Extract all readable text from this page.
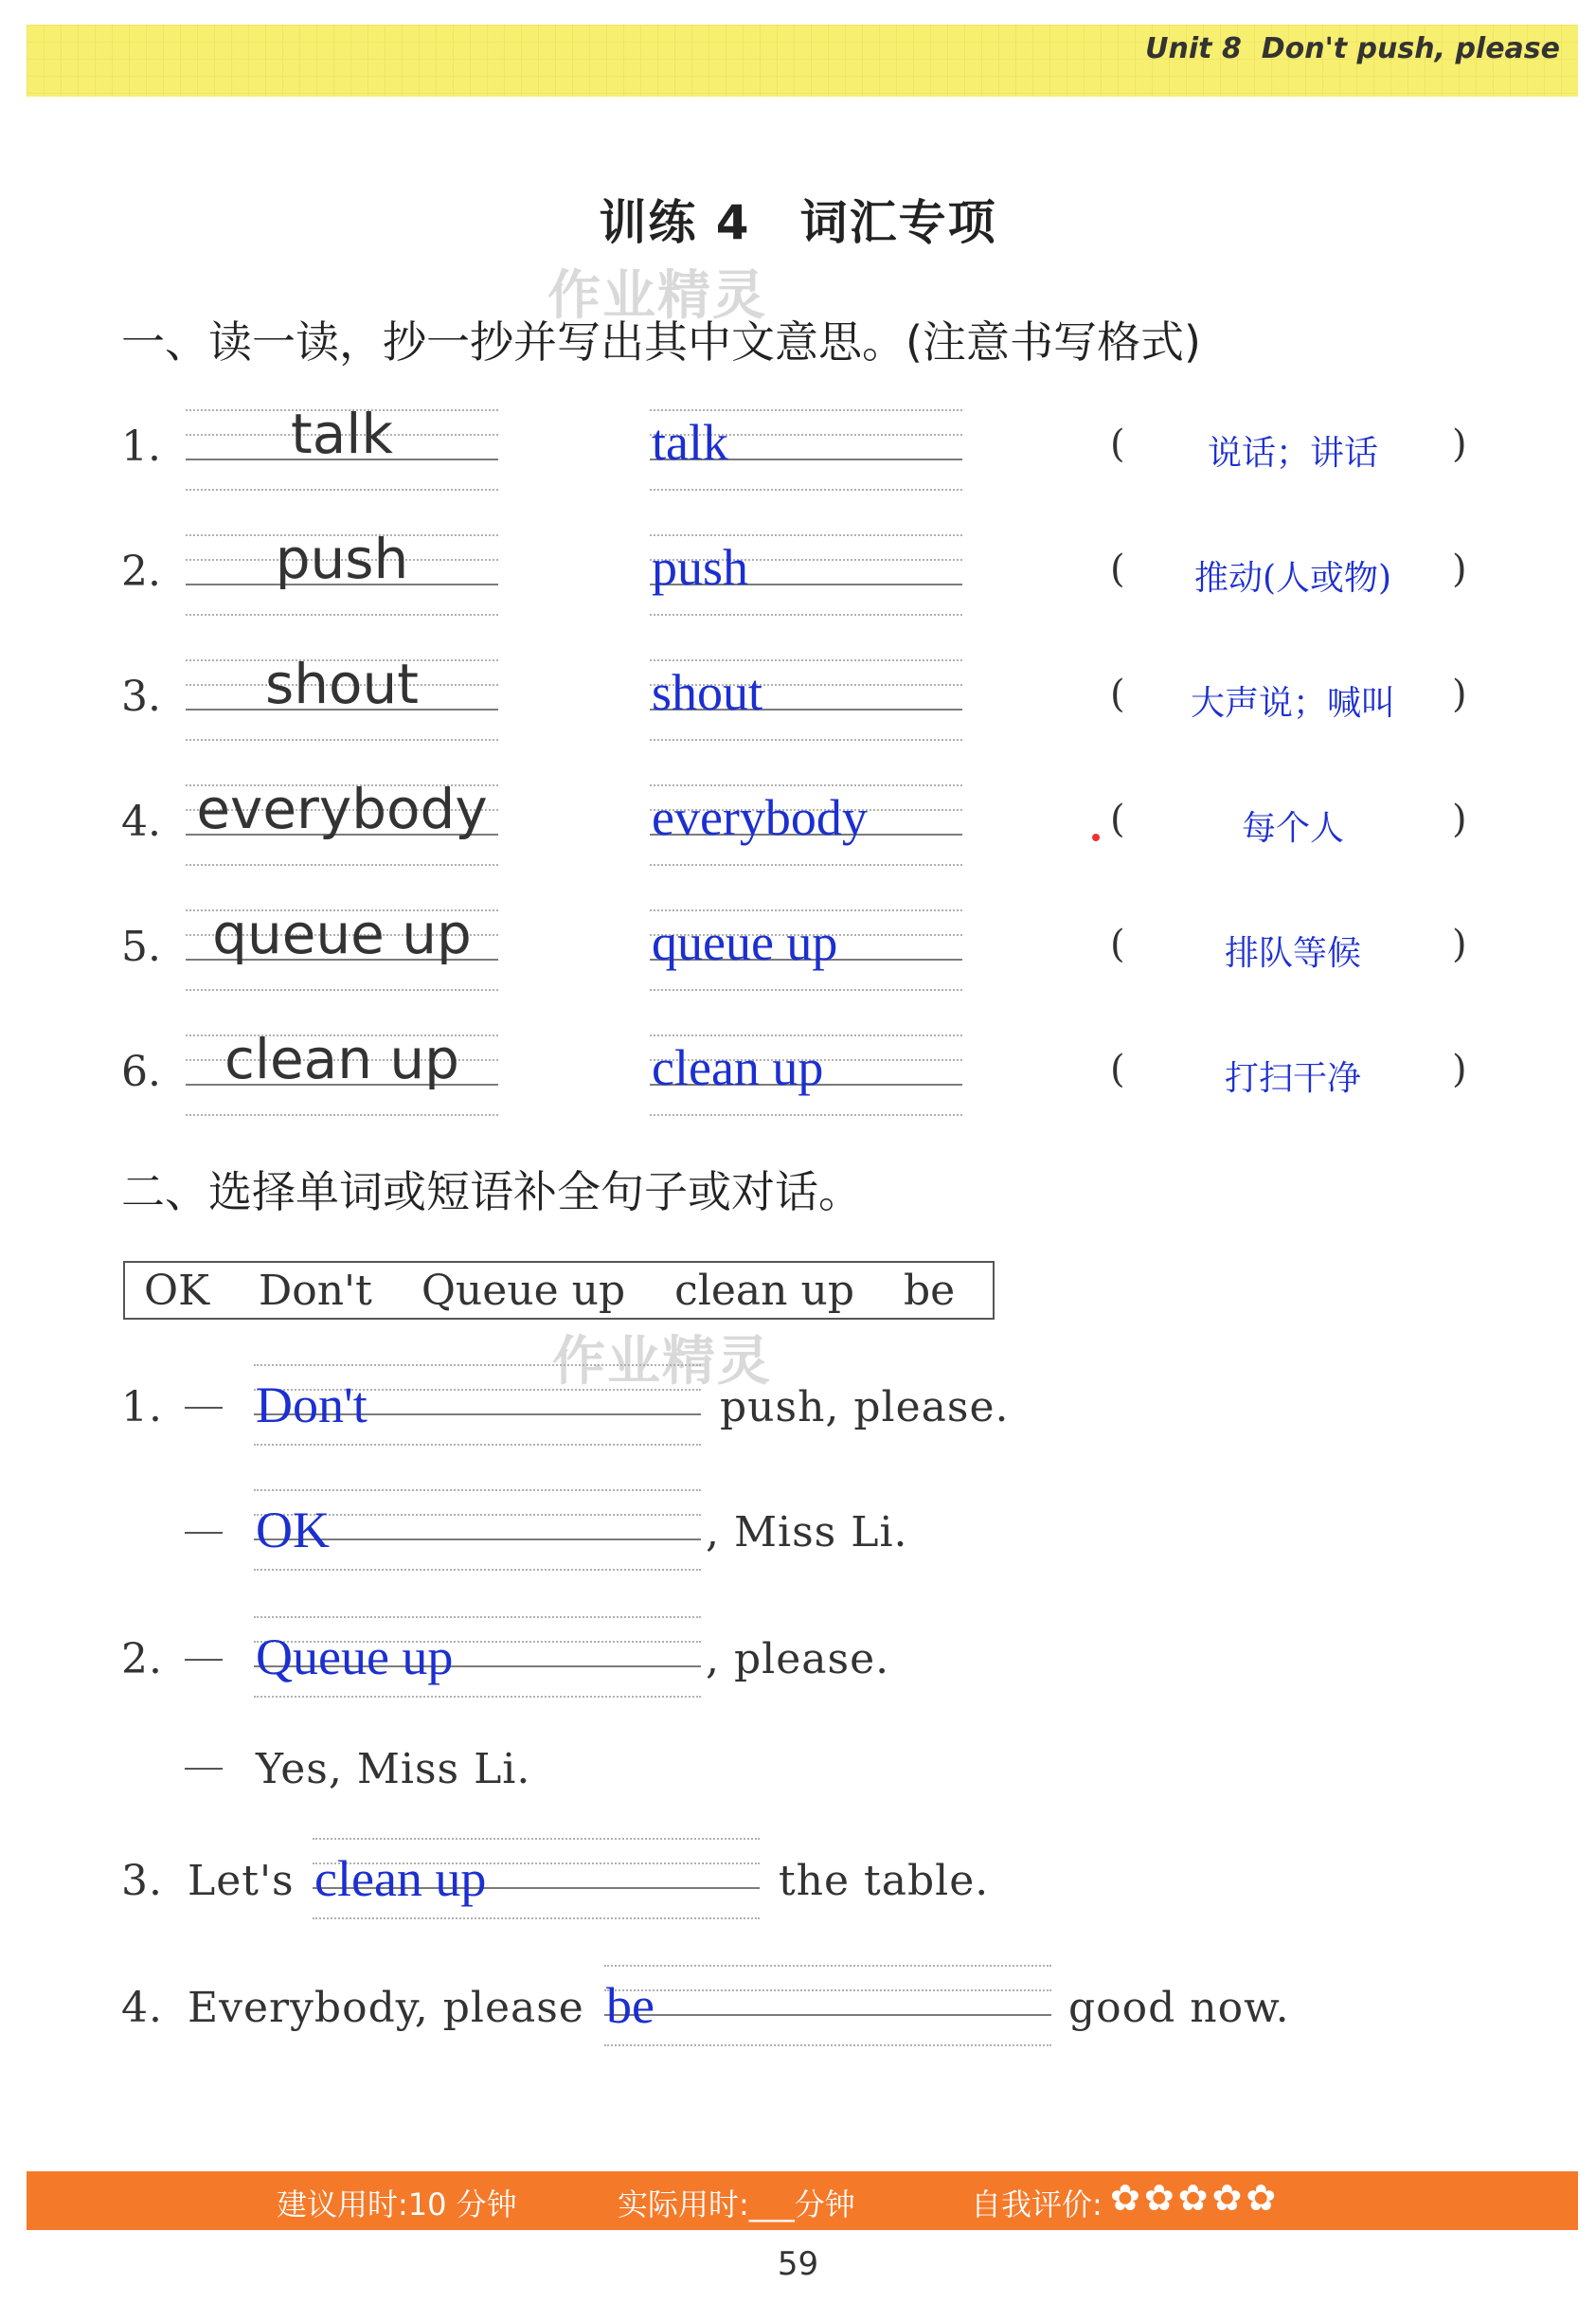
Unit 8 Don't push, please
训练 4　词汇专项
作业精灵
一、读一读，抄一抄并写出其中文意思。(注意书写格式)
1.	talk	talk	(	说话；讲话	)
2.	push	push	(	推动(人或物)	)
3.	shout	shout	(	大声说；喊叫	)
4. everybody	everybody	(	每个人	)
5. queue up	queue up	(	排队等候	)
6.	clean up	clean up	(	打扫干净	)
二、选择单词或短语补全句子或对话。
OK Don't Queue up clean up be
作业精灵
1. Don't	push, please.
OK	, Miss Li.
2. Queue up	, please.
Yes, Miss Li.
3. Let's clean up	the table.
4. Everybody, please be	good now.
建议用时:10 分钟	实际用时:___分钟	自我评价: ✿✿✿✿✿
59
